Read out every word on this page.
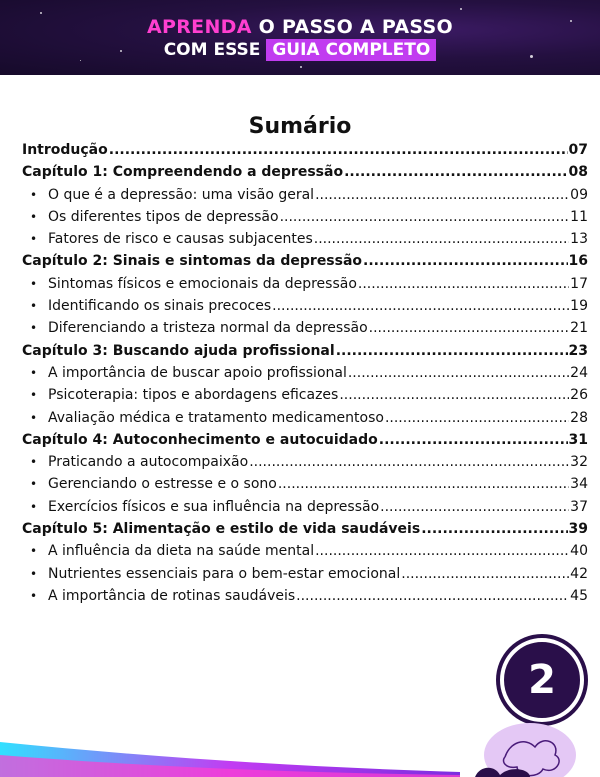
APRENDA O PASSO A PASSO
COM ESSE GUIA COMPLETO
Sumário
Introdução .....	07
Capítulo 1: Compreendendo a depressão .....	08
• O que é a depressão: uma visão geral .....	09
• Os diferentes tipos de depressão .....	11
• Fatores de risco e causas subjacentes .....	13
Capítulo 2: Sinais e sintomas da depressão .....	16
• Sintomas físicos e emocionais da depressão .....	17
• Identificando os sinais precoces .....	19
• Diferenciando a tristeza normal da depressão .....	21
Capítulo 3: Buscando ajuda profissional .....	23
• A importância de buscar apoio profissional .....	24
• Psicoterapia: tipos e abordagens eficazes .....	26
• Avaliação médica e tratamento medicamentoso .....	28
Capítulo 4: Autoconhecimento e autocuidado .....	31
• Praticando a autocompaixão .....	32
• Gerenciando o estresse e o sono .....	34
• Exercícios físicos e sua influência na depressão .....	37
Capítulo 5: Alimentação e estilo de vida saudáveis .....	39
• A influência da dieta na saúde mental .....	40
• Nutrientes essenciais para o bem-estar emocional .....	42
• A importância de rotinas saudáveis .....	45
2
